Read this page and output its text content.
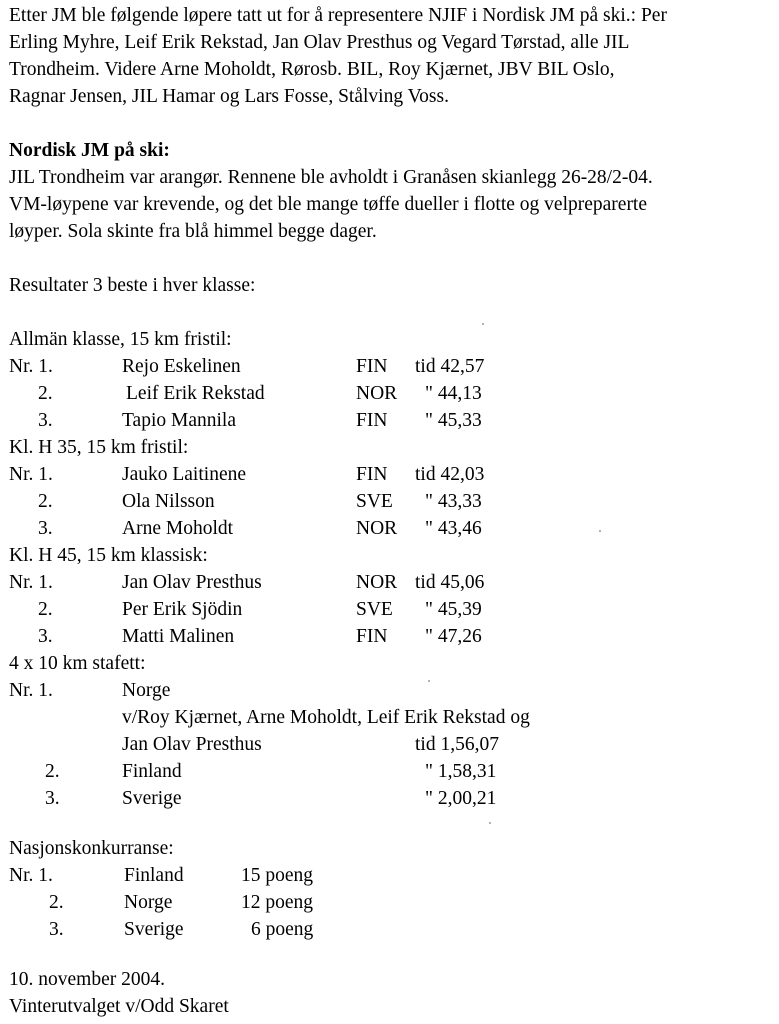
Etter JM ble følgende løpere tatt ut for å representere NJIF i Nordisk JM på ski.: Per
Erling Myhre, Leif Erik Rekstad, Jan Olav Presthus og Vegard Tørstad, alle JIL
Trondheim. Videre Arne Moholdt, Rørosb. BIL, Roy Kjærnet, JBV BIL Oslo,
Ragnar Jensen, JIL Hamar og Lars Fosse, Stålving Voss.
Nordisk JM på ski:
JIL Trondheim var arangør. Rennene ble avholdt i Granåsen skianlegg 26-28/2-04.
VM-løypene var krevende, og det ble mange tøffe dueller i flotte og velpreparerte
løyper. Sola skinte fra blå himmel begge dager.
Resultater 3 beste i hver klasse:
Allmän klasse, 15 km fristil:
Nr. 1.	Rejo Eskelinen	FIN tid 42,57
2.	Leif Erik Rekstad	NOR " 44,13
3.	Tapio Mannila	FIN " 45,33
Kl. H 35, 15 km fristil:
Nr. 1.	Jauko Laitinenе	FIN tid 42,03
2.	Ola Nilsson	SVE " 43,33
3.	Arne Moholdt	NOR " 43,46
Kl. H 45, 15 km klassisk:
Nr. 1.	Jan Olav Presthus	NOR tid 45,06
2.	Per Erik Sjödin	SVE " 45,39
3.	Matti Malinen	FIN " 47,26
4 x 10 km stafett:
Nr. 1.	Norge
v/Roy Kjærnet, Arne Moholdt, Leif Erik Rekstad og
Jan Olav Presthus	tid 1,56,07
2.	Finland	" 1,58,31
3.	Sverige	" 2,00,21
Nasjonskonkurranse:
Nr. 1.	Finland	15 poeng
2.	Norge	12 poeng
3.	Sverige	6 poeng
10. november 2004.
Vinterutvalget v/Odd Skaret
